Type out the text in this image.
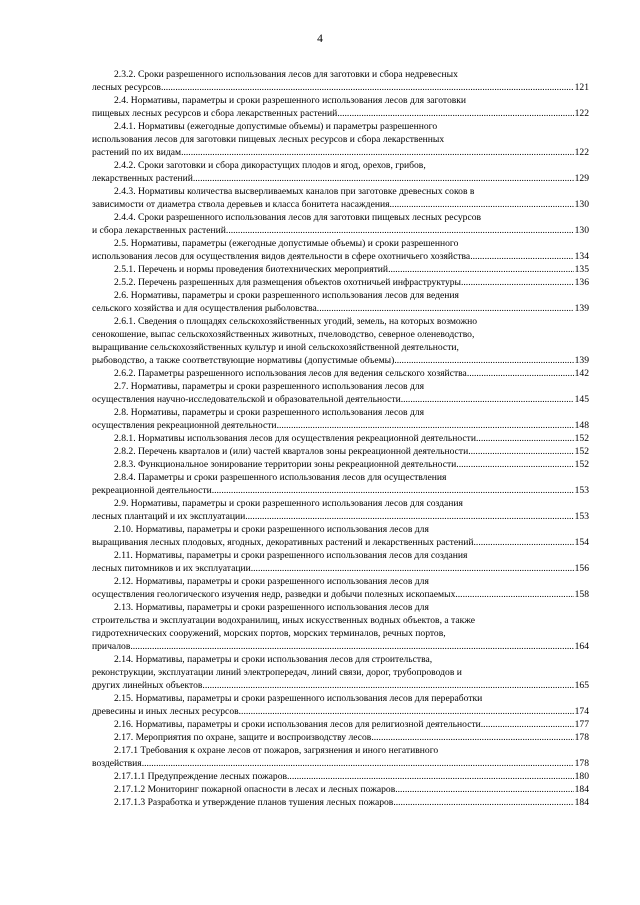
4
2.3.2. Сроки разрешенного использования лесов для заготовки и сбора недревесных
лесных ресурсов .....	121
2.4. Нормативы, параметры и сроки разрешенного использования лесов для заготовки
пищевых лесных ресурсов и сбора лекарственных растений .....	122
2.4.1. Нормативы (ежегодные допустимые объемы) и параметры разрешенного
использования лесов для заготовки пищевых лесных ресурсов и сбора лекарственных
растений по их видам .....	122
2.4.2. Сроки заготовки и сбора дикорастущих плодов и ягод, орехов, грибов,
лекарственных растений .....	129
2.4.3. Нормативы количества высверливаемых каналов при заготовке древесных соков в
зависимости от диаметра ствола деревьев и класса бонитета насаждения .....	130
2.4.4. Сроки разрешенного использования лесов для заготовки пищевых лесных ресурсов
и сбора лекарственных растений .....	130
2.5. Нормативы, параметры (ежегодные допустимые объемы) и сроки разрешенного
использования лесов для осуществления видов деятельности в сфере охотничьего хозяйства .....	134
2.5.1. Перечень и нормы проведения биотехнических мероприятий .....	135
2.5.2. Перечень разрешенных для размещения объектов охотничьей инфраструктуры .....	136
2.6. Нормативы, параметры и сроки разрешенного использования лесов для ведения
сельского хозяйства и для осуществления рыболовства .....	139
2.6.1. Сведения о площадях сельскохозяйственных угодий, земель, на которых возможно
сенокошение, выпас сельскохозяйственных животных, пчеловодство, северное оленеводство,
выращивание сельскохозяйственных культур и иной сельскохозяйственной деятельности,
рыбоводство, а также соответствующие нормативы (допустимые объемы) .....	139
2.6.2. Параметры разрешенного использования лесов для ведения сельского хозяйства .....	142
2.7. Нормативы, параметры и сроки разрешенного использования лесов для
осуществления научно-исследовательской и образовательной деятельности .....	145
2.8. Нормативы, параметры и сроки разрешенного использования лесов для
осуществления рекреационной деятельности .....	148
2.8.1. Нормативы использования лесов для осуществления рекреационной деятельности .....	152
2.8.2. Перечень кварталов и (или) частей кварталов зоны рекреационной деятельности .....	152
2.8.3. Функциональное зонирование территории зоны рекреационной деятельности .....	152
2.8.4. Параметры и сроки разрешенного использования лесов для осуществления
рекреационной деятельности .....	153
2.9. Нормативы, параметры и сроки разрешенного использования лесов для создания
лесных плантаций и их эксплуатации .....	153
2.10. Нормативы, параметры и сроки разрешенного использования лесов для
выращивания лесных плодовых, ягодных, декоративных растений и лекарственных растений .....	154
2.11. Нормативы, параметры и сроки разрешенного использования лесов для создания
лесных питомников и их эксплуатации .....	156
2.12. Нормативы, параметры и сроки разрешенного использования лесов для
осуществления геологического изучения недр, разведки и добычи полезных ископаемых .....	158
2.13. Нормативы, параметры и сроки разрешенного использования лесов для
строительства и эксплуатации водохранилищ, иных искусственных водных объектов, а также
гидротехнических сооружений, морских портов, морских терминалов, речных портов,
причалов .....	164
2.14. Нормативы, параметры и сроки использования лесов для строительства,
реконструкции, эксплуатации линий электропередач, линий связи, дорог, трубопроводов и
других линейных объектов .....	165
2.15. Нормативы, параметры и сроки разрешенного использования лесов для переработки
древесины и иных лесных ресурсов .....	174
2.16. Нормативы, параметры и сроки использования лесов для религиозной деятельности .....	177
2.17. Мероприятия по охране, защите и воспроизводству лесов .....	178
2.17.1 Требования к охране лесов от пожаров, загрязнения и иного негативного
воздействия .....	178
2.17.1.1 Предупреждение лесных пожаров .....	180
2.17.1.2 Мониторинг пожарной опасности в лесах и лесных пожаров .....	184
2.17.1.3 Разработка и утверждение планов тушения лесных пожаров .....	184
